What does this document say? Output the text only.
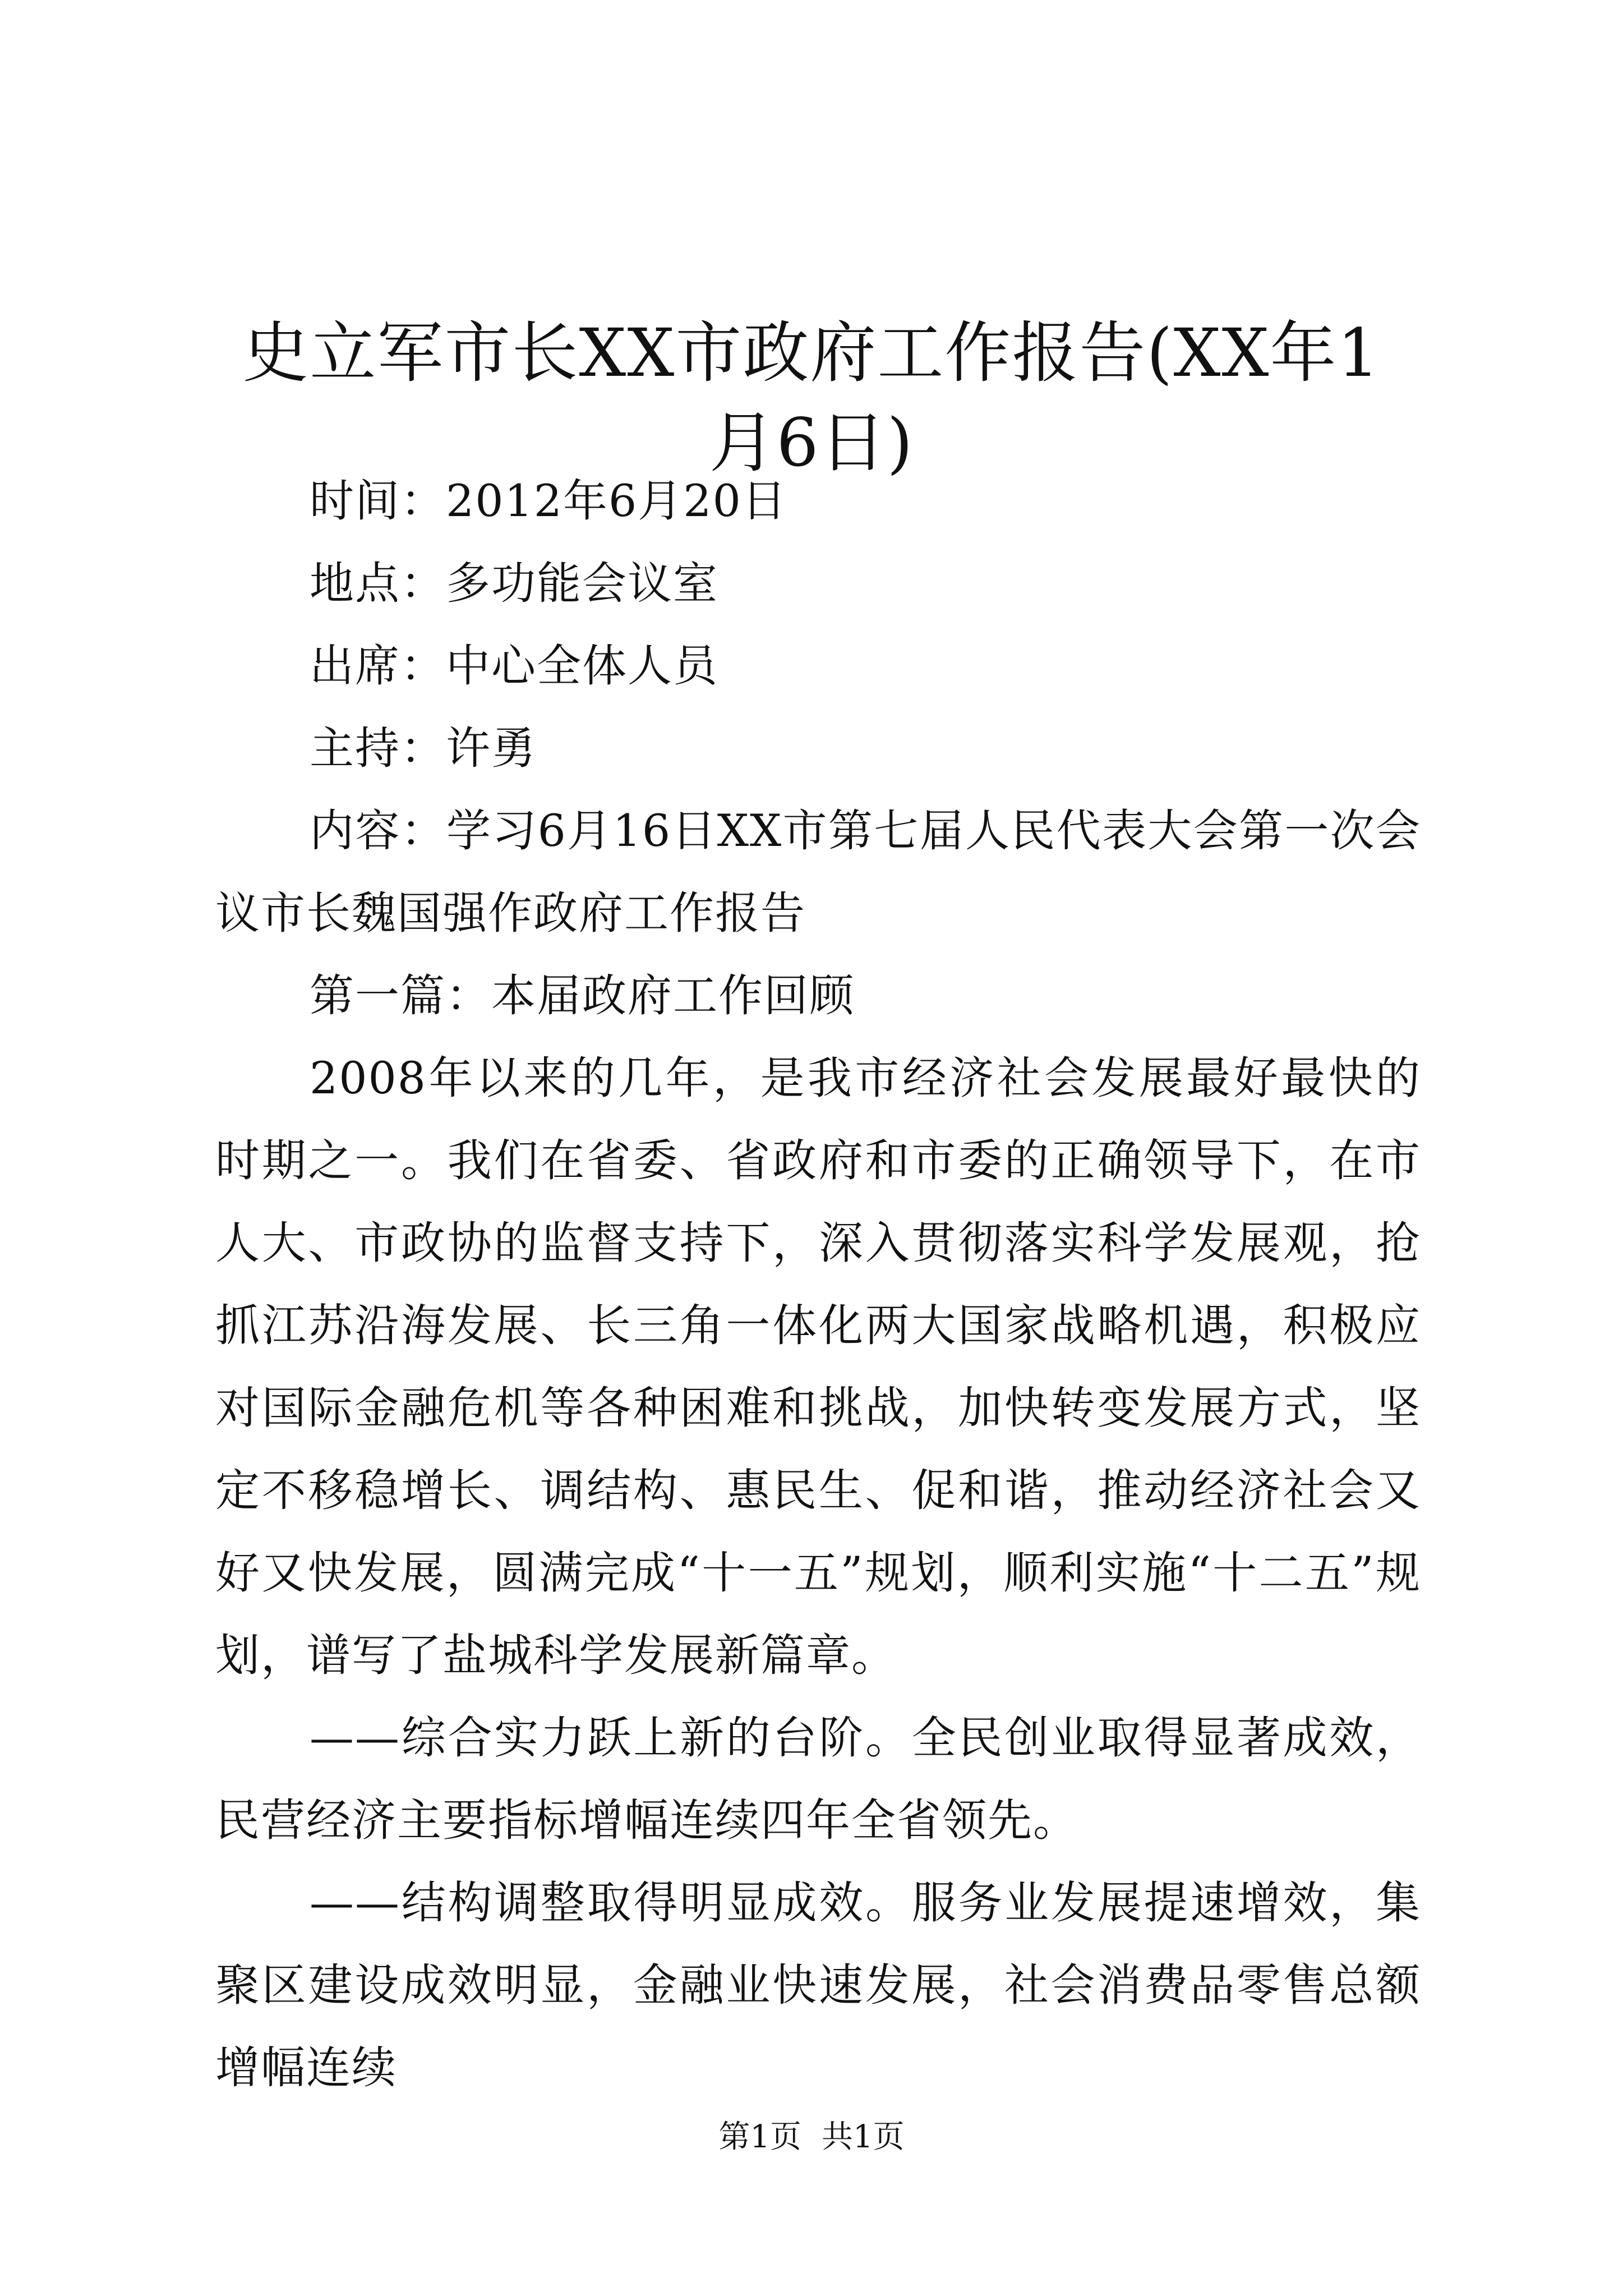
史立军市长XX市政府工作报告(XX年1月6日)

时间：2012年6月20日

地点：多功能会议室

出席：中心全体人员

主持：许勇

内容：学习6月16日XX市第七届人民代表大会第一次会议市长魏国强作政府工作报告

第一篇：本届政府工作回顾

2008年以来的几年，是我市经济社会发展最好最快的时期之一。我们在省委、省政府和市委的正确领导下，在市人大、市政协的监督支持下，深入贯彻落实科学发展观，抢抓江苏沿海发展、长三角一体化两大国家战略机遇，积极应对国际金融危机等各种困难和挑战，加快转变发展方式，坚定不移稳增长、调结构、惠民生、促和谐，推动经济社会又好又快发展，圆满完成“十一五”规划，顺利实施“十二五”规划，谱写了盐城科学发展新篇章。

——综合实力跃上新的台阶。全民创业取得显著成效，民营经济主要指标增幅连续四年全省领先。

——结构调整取得明显成效。服务业发展提速增效，集聚区建设成效明显，金融业快速发展，社会消费品零售总额增幅连续

第1页 共1页
